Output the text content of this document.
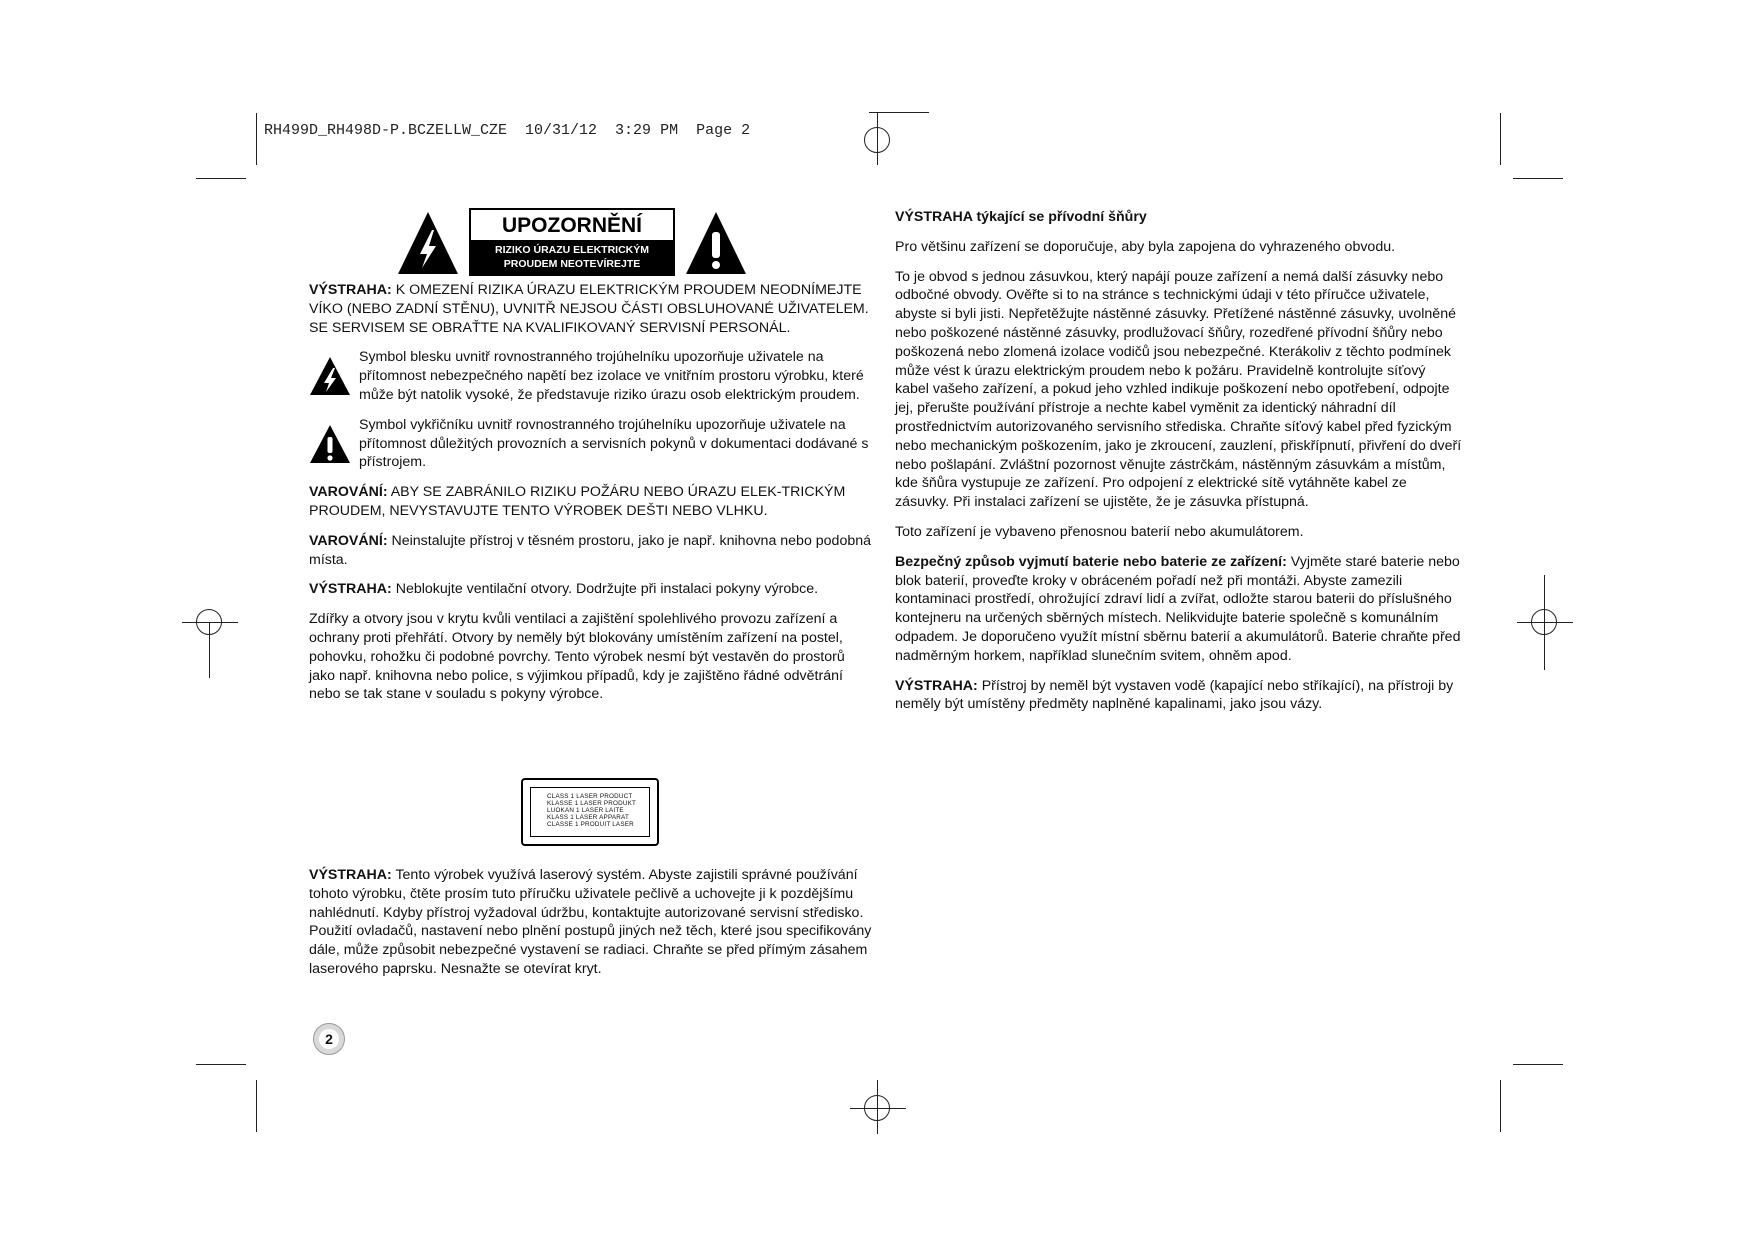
RH499D_RH498D-P.BCZELLW_CZE  10/31/12  3:29 PM  Page 2
UPOZORNĚNÍ
RIZIKO ÚRAZU ELEKTRICKÝM
PROUDEM NEOTEVÍREJTE

VÝSTRAHA: K OMEZENÍ RIZIKA ÚRAZU ELEKTRICKÝM PROUDEM NEODNÍMEJTE VÍKO (NEBO ZADNÍ STĚNU), UVNITŘ NEJSOU ČÁSTI OBSLUHOVANÉ UŽIVATELEM. SE SERVISEM SE OBRAŤTE NA KVALIFIKOVANÝ SERVISNÍ PERSONÁL.

Symbol blesku uvnitř rovnostranného trojúhelníku upozorňuje uživatele na přítomnost nebezpečného napětí bez izolace ve vnitřním prostoru výrobku, které může být natolik vysoké, že představuje riziko úrazu osob elektrickým proudem.

Symbol vykřičníku uvnitř rovnostranného trojúhelníku upozorňuje uživatele na přítomnost důležitých provozních a servisních pokynů v dokumentaci dodávané s přístrojem.

VAROVÁNÍ: ABY SE ZABRÁNILO RIZIKU POŽÁRU NEBO ÚRAZU ELEK-TRICKÝM PROUDEM, NEVYSTAVUJTE TENTO VÝROBEK DEŠTI NEBO VLHKU.

VAROVÁNÍ: Neinstalujte přístroj v těsném prostoru, jako je např. knihovna nebo podobná místa.

VÝSTRAHA: Neblokujte ventilační otvory. Dodržujte při instalaci pokyny výrobce.

Zdířky a otvory jsou v krytu kvůli ventilaci a zajištění spolehlivého provozu zařízení a ochrany proti přehřátí. Otvory by neměly být blokovány umístěním zařízení na postel, pohovku, rohožku či podobné povrchy. Tento výrobek nesmí být vestavěn do prostorů jako např. knihovna nebo police, s výjimkou případů, kdy je zajištěno řádné odvětrání nebo se tak stane v souladu s pokyny výrobce.

CLASS 1 LASER PRODUCT
KLASSE 1 LASER PRODUKT
LUOKAN 1 LASER LAITE
KLASS 1 LASER APPARAT
CLASSE 1 PRODUIT LASER

VÝSTRAHA: Tento výrobek využívá laserový systém. Abyste zajistili správné používání tohoto výrobku, čtěte prosím tuto příručku uživatele pečlivě a uchovejte ji k pozdějšímu nahlédnutí. Kdyby přístroj vyžadoval údržbu, kontaktujte autorizované servisní středisko. Použití ovladačů, nastavení nebo plnění postupů jiných než těch, které jsou specifikovány dále, může způsobit nebezpečné vystavení se radiaci. Chraňte se před přímým zásahem laserového paprsku. Nesnažte se otevírat kryt.

VÝSTRAHA týkající se přívodní šňůry

Pro většinu zařízení se doporučuje, aby byla zapojena do vyhrazeného obvodu.

To je obvod s jednou zásuvkou, který napájí pouze zařízení a nemá další zásuvky nebo odbočné obvody. Ověřte si to na stránce s technickými údaji v této příručce uživatele, abyste si byli jisti. Nepřetěžujte nástěnné zásuvky. Přetížené nástěnné zásuvky, uvolněné nebo poškozené nástěnné zásuvky, prodlužovací šňůry, rozedřené přívodní šňůry nebo poškozená nebo zlomená izolace vodičů jsou nebezpečné. Kterákoliv z těchto podmínek může vést k úrazu elektrickým proudem nebo k požáru. Pravidelně kontrolujte síťový kabel vašeho zařízení, a pokud jeho vzhled indikuje poškození nebo opotřebení, odpojte jej, přerušte používání přístroje a nechte kabel vyměnit za identický náhradní díl prostřednictvím autorizovaného servisního střediska. Chraňte síťový kabel před fyzickým nebo mechanickým poškozením, jako je zkroucení, zauzlení, přiskřípnutí, přivření do dveří nebo pošlapání. Zvláštní pozornost věnujte zástrčkám, nástěnným zásuvkám a místům, kde šňůra vystupuje ze zařízení. Pro odpojení z elektrické sítě vytáhněte kabel ze zásuvky. Při instalaci zařízení se ujistěte, že je zásuvka přístupná.

Toto zařízení je vybaveno přenosnou baterií nebo akumulátorem.

Bezpečný způsob vyjmutí baterie nebo baterie ze zařízení: Vyjměte staré baterie nebo blok baterií, proveďte kroky v obráceném pořadí než při montáži. Abyste zamezili kontaminaci prostředí, ohrožující zdraví lidí a zvířat, odložte starou baterii do příslušného kontejneru na určených sběrných místech. Nelikvidujte baterie společně s komunálním odpadem. Je doporučeno využít místní sběrnu baterií a akumulátorů. Baterie chraňte před nadměrným horkem, například slunečním svitem, ohněm apod.

VÝSTRAHA: Přístroj by neměl být vystaven vodě (kapající nebo stříkající), na přístroji by neměly být umístěny předměty naplněné kapalinami, jako jsou vázy.

2
